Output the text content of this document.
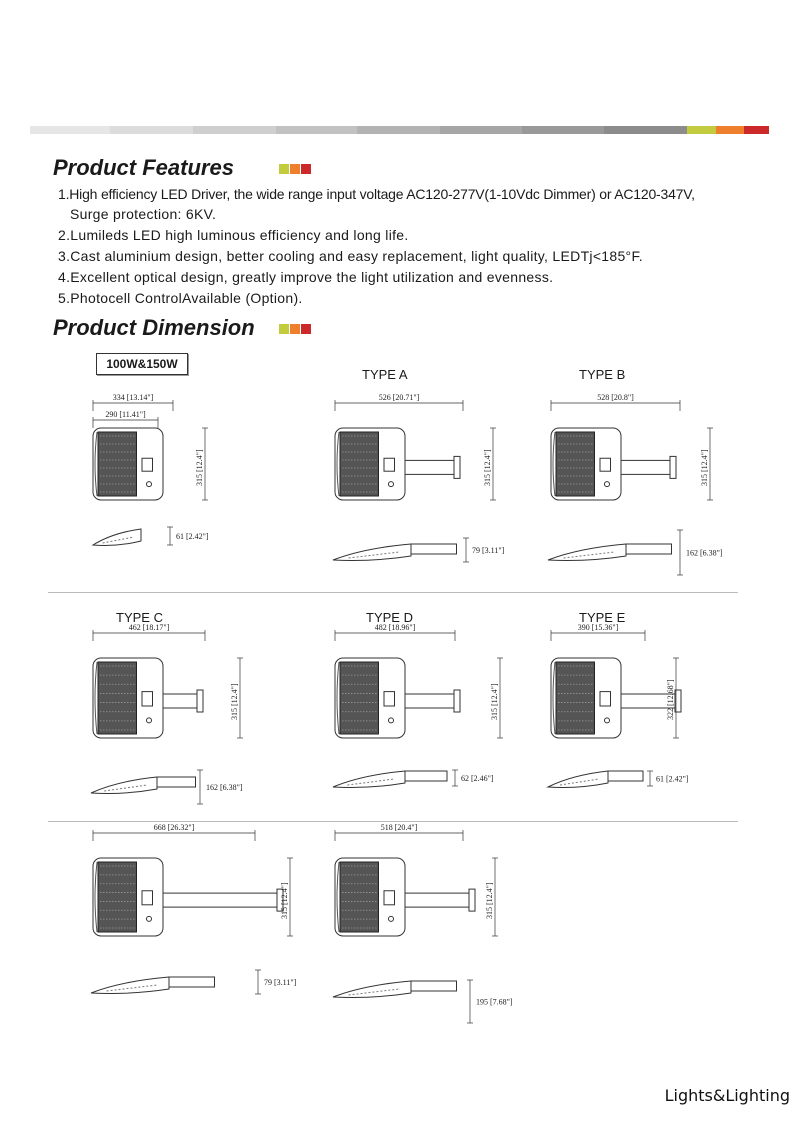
Product Features
1.High efficiency LED Driver, the wide range input voltage AC120-277V(1-10Vdc Dimmer) or AC120-347V,
Surge protection: 6KV.
2.Lumileds LED high luminous efficiency and long life.
3.Cast aluminium design, better cooling and easy replacement, light quality, LEDTj<185°F.
4.Excellent optical design, greatly improve the light utilization and evenness.
5.Photocell ControlAvailable (Option).
Product Dimension
100W&150W
TYPE A	TYPE B
TYPE C	TYPE D	TYPE E
334 [13.14"]
290 [11.41"]
315 [12.4"]
61 [2.42"]
526 [20.71"]
315 [12.4"]
79 [3.11"]
528 [20.8"]
315 [12.4"]
162 [6.38"]
462 [18.17"]
315 [12.4"]
162 [6.38"]
482 [18.96"]
315 [12.4"]
62 [2.46"]
390 [15.36"]
322 [12.68"]
61 [2.42"]
668 [26.32"]
315 [12.4"]
79 [3.11"]
518 [20.4"]
315 [12.4"]
195 [7.68"]
Lights&Lighting
